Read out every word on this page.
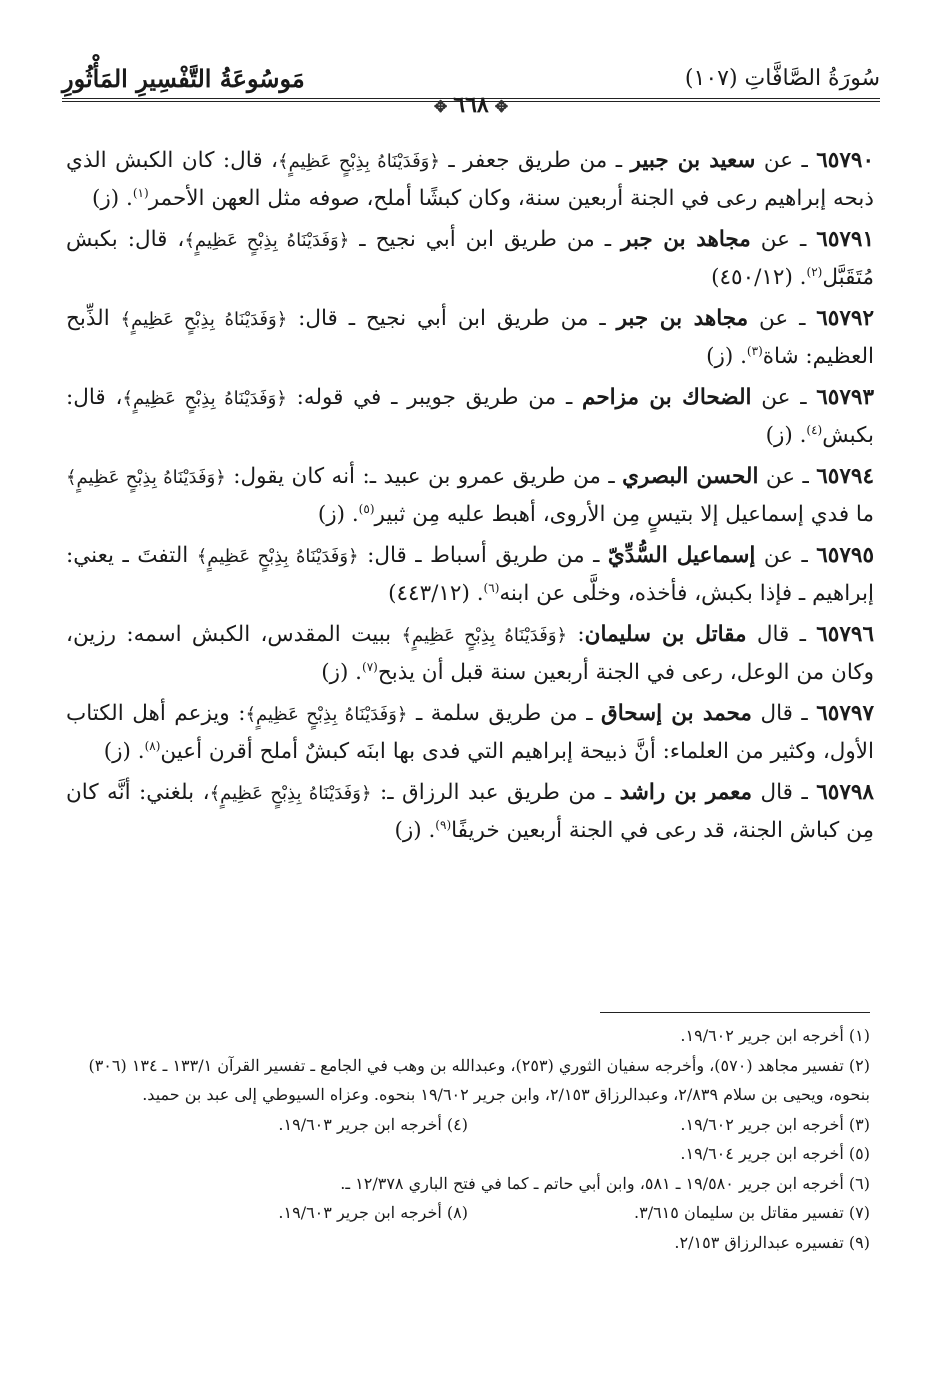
سُورَةُ الصَّافَّاتِ (١٠٧)
مَوسُوعَةُ التَّفْسِيرِ المَأْثُورِ
✥٦٦٨✥

٦٥٧٩٠ ـ عن سعيد بن جبير ـ من طريق جعفر ـ ﴿وَفَدَيْنَاهُ بِذِبْحٍ عَظِيمٍ﴾، قال: كان الكبش الذي ذبحه إبراهيم رعى في الجنة أربعين سنة، وكان كبشًا أملح، صوفه مثل العهن الأحمر$^{(١)}$. (ز)

٦٥٧٩١ ـ عن مجاهد بن جبر ـ من طريق ابن أبي نجيح ـ ﴿وَفَدَيْنَاهُ بِذِبْحٍ عَظِيمٍ﴾، قال: بكبش مُتَقَبَّل$^{(٢)}$. (٤٥٠/١٢)

٦٥٧٩٢ ـ عن مجاهد بن جبر ـ من طريق ابن أبي نجيح ـ قال: ﴿وَفَدَيْنَاهُ بِذِبْحٍ عَظِيمٍ﴾ الذِّبح العظيم: شاة$^{(٣)}$. (ز)

٦٥٧٩٣ ـ عن الضحاك بن مزاحم ـ من طريق جويبر ـ في قوله: ﴿وَفَدَيْنَاهُ بِذِبْحٍ عَظِيمٍ﴾، قال: بكبش$^{(٤)}$. (ز)

٦٥٧٩٤ ـ عن الحسن البصري ـ من طريق عمرو بن عبيد ـ: أنه كان يقول: ﴿وَفَدَيْنَاهُ بِذِبْحٍ عَظِيمٍ﴾ ما فدي إسماعيل إلا بتيسٍ مِن الأروى، أهبط عليه مِن ثبير$^{(٥)}$. (ز)

٦٥٧٩٥ ـ عن إسماعيل السُّدِّيّ ـ من طريق أسباط ـ قال: ﴿وَفَدَيْنَاهُ بِذِبْحٍ عَظِيمٍ﴾ التفتَ ـ يعني: إبراهيم ـ فإذا بكبش، فأخذه، وخلَّى عن ابنه$^{(٦)}$. (٤٤٣/١٢)

٦٥٧٩٦ ـ قال مقاتل بن سليمان: ﴿وَفَدَيْنَاهُ بِذِبْحٍ عَظِيمٍ﴾ ببيت المقدس، الكبش اسمه: رزين، وكان من الوعل، رعى في الجنة أربعين سنة قبل أن يذبح$^{(٧)}$. (ز)

٦٥٧٩٧ ـ قال محمد بن إسحاق ـ من طريق سلمة ـ ﴿وَفَدَيْنَاهُ بِذِبْحٍ عَظِيمٍ﴾: ويزعم أهل الكتاب الأول، وكثير من العلماء: أنَّ ذبيحة إبراهيم التي فدى بها ابنَه كبشٌ أملح أقرن أعين$^{(٨)}$. (ز)

٦٥٧٩٨ ـ قال معمر بن راشد ـ من طريق عبد الرزاق ـ: ﴿وَفَدَيْنَاهُ بِذِبْحٍ عَظِيمٍ﴾، بلغني: أنَّه كان مِن كباش الجنة، قد رعى في الجنة أربعين خريفًا$^{(٩)}$. (ز)

(١) أخرجه ابن جرير ١٩/٦٠٢.
(٢) تفسير مجاهد (٥٧٠)، وأخرجه سفيان الثوري (٢٥٣)، وعبدالله بن وهب في الجامع ـ تفسير القرآن ١٣٣/١ ـ ١٣٤ (٣٠٦) بنحوه، ويحيى بن سلام ٢/٨٣٩، وعبدالرزاق ٢/١٥٣، وابن جرير ١٩/٦٠٢ بنحوه. وعزاه السيوطي إلى عبد بن حميد.
(٣) أخرجه ابن جرير ١٩/٦٠٢.
(٤) أخرجه ابن جرير ١٩/٦٠٣.
(٥) أخرجه ابن جرير ١٩/٦٠٤.
(٦) أخرجه ابن جرير ١٩/٥٨٠ ـ ٥٨١، وابن أبي حاتم ـ كما في فتح الباري ١٢/٣٧٨ ـ.
(٧) تفسير مقاتل بن سليمان ٣/٦١٥.
(٨) أخرجه ابن جرير ١٩/٦٠٣.
(٩) تفسيره عبدالرزاق ٢/١٥٣.
